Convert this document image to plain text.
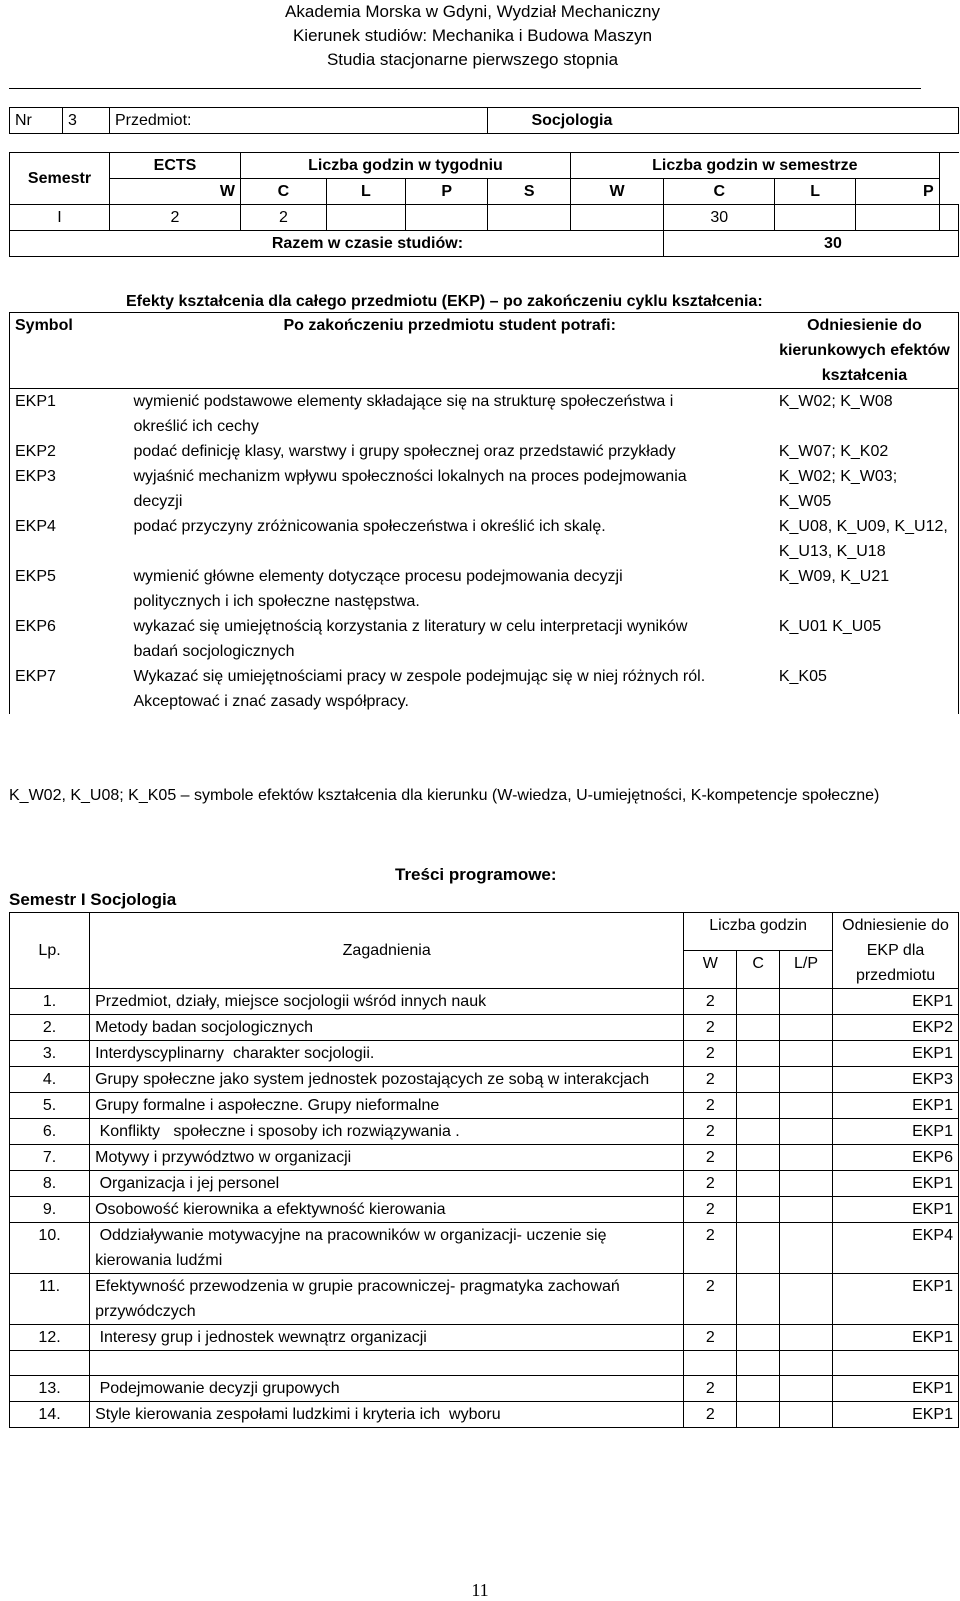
Akademia Morska w Gdyni, Wydział Mechaniczny
Kierunek studiów: Mechanika i Budowa Maszyn
Studia stacjonarne pierwszego stopnia
Nr	3	Przedmiot:				Socjologia					

Semestr		ECTS	Liczba godzin w tygodniu				Liczba godzin w semestrze				
		W	C	L	P	S	W	C	L	P	
I		2	2					30			
Razem w czasie studiów:								30			
Efekty kształcenia dla całego przedmiotu (EKP) – po zakończeniu cyklu kształcenia:
Symbol	Po zakończeniu przedmiotu student potrafi:	Odniesienie do kierunkowych efektów kształcenia
EKP1	wymienić podstawowe elementy składające się na strukturę społeczeństwa i określić ich cechy	K_W02; K_W08
EKP2	podać definicję klasy, warstwy i grupy społecznej oraz przedstawić przykłady	K_W07; K_K02
EKP3	wyjaśnić mechanizm wpływu społeczności lokalnych na proces podejmowania decyzji	K_W02; K_W03; K_W05
EKP4	podać przyczyny zróżnicowania społeczeństwa i określić ich skalę.	K_U08, K_U09, K_U12, K_U13, K_U18
EKP5	wymienić główne elementy dotyczące procesu podejmowania decyzji politycznych i ich społeczne następstwa.	K_W09, K_U21
EKP6	wykazać się umiejętnością korzystania z literatury w celu interpretacji wyników badań socjologicznych	K_U01 K_U05
EKP7	Wykazać się umiejętnościami pracy w zespole podejmując się w niej różnych ról. Akceptować i znać zasady współpracy.	K_K05
K_W02, K_U08; K_K05 – symbole efektów kształcenia dla kierunku (W-wiedza, U-umiejętności, K-kompetencje społeczne)
Treści programowe:
Semestr I Socjologia
Lp.	Zagadnienia	Liczba godzin			Odniesienie do EKP dla przedmiotu
		W	C	L/P	
1.	Przedmiot, działy, miejsce socjologii wśród innych nauk	2			EKP1
2.	Metody badan socjologicznych	2			EKP2
3.	Interdyscyplinarny  charakter socjologii.	2			EKP1
4.	Grupy społeczne jako system jednostek pozostających ze sobą w interakcjach	2			EKP3
5.	Grupy formalne i aspołeczne. Grupy nieformalne	2			EKP1
6.	Konflikty   społeczne i sposoby ich rozwiązywania .	2			EKP1
7.	Motywy i przywództwo w organizacji	2			EKP6
8.	Organizacja i jej personel	2			EKP1
9.	Osobowość kierownika a efektywność kierowania	2			EKP1
10.	Oddziaływanie motywacyjne na pracowników w organizacji- uczenie się kierowania ludźmi	2			EKP4
11.	Efektywność przewodzenia w grupie pracowniczej- pragmatyka zachowań przywódczych	2			EKP1
12.	Interesy grup i jednostek wewnątrz organizacji	2			EKP1

13.	Podejmowanie decyzji grupowych	2			EKP1
14.	Style kierowania zespołami ludzkimi i kryteria ich  wyboru	2			EKP1
11
